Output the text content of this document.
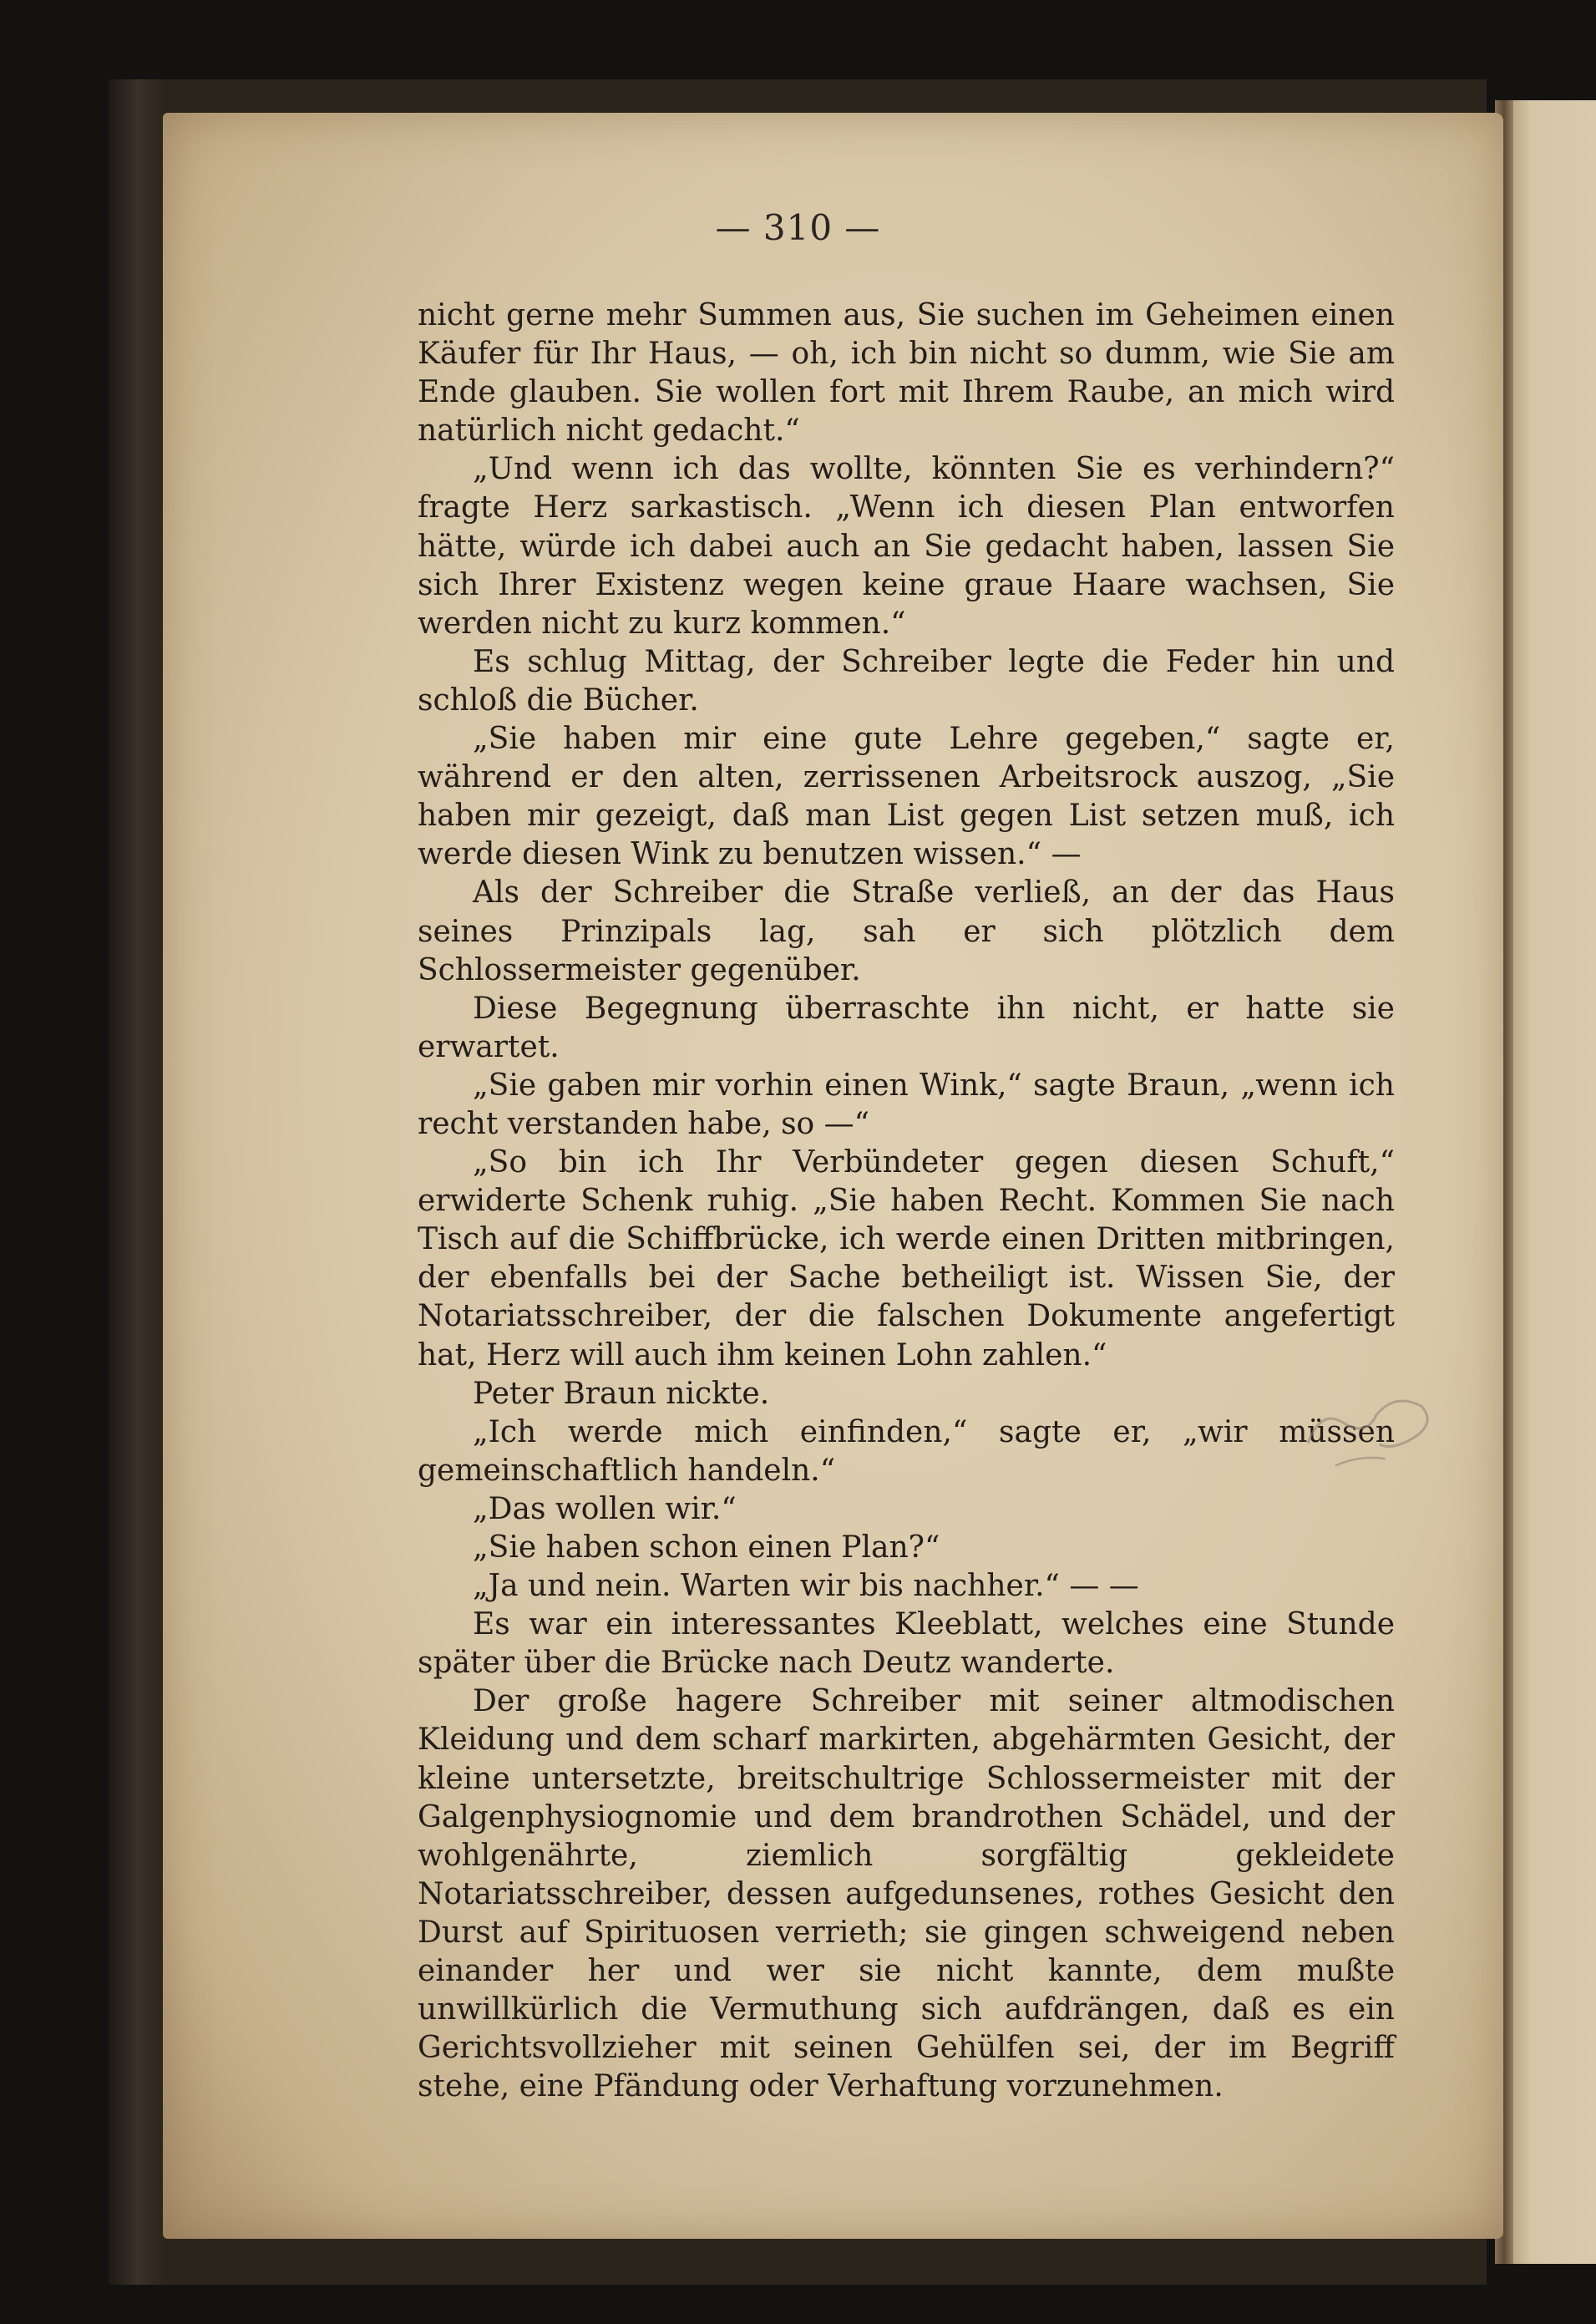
— 310 —

nicht gerne mehr Summen aus, Sie suchen im Geheimen einen Käufer für Ihr Haus, — oh, ich bin nicht so dumm, wie Sie am Ende glauben. Sie wollen fort mit Ihrem Raube, an mich wird natürlich nicht gedacht.“

„Und wenn ich das wollte, könnten Sie es verhindern?“ fragte Herz sarkastisch. „Wenn ich diesen Plan entworfen hätte, würde ich dabei auch an Sie gedacht haben, lassen Sie sich Ihrer Existenz wegen keine graue Haare wachsen, Sie werden nicht zu kurz kommen.“

Es schlug Mittag, der Schreiber legte die Feder hin und schloß die Bücher.

„Sie haben mir eine gute Lehre gegeben,“ sagte er, während er den alten, zerrissenen Arbeitsrock auszog, „Sie haben mir gezeigt, daß man List gegen List setzen muß, ich werde diesen Wink zu benutzen wissen.“ —

Als der Schreiber die Straße verließ, an der das Haus seines Prinzipals lag, sah er sich plötzlich dem Schlossermeister gegenüber.

Diese Begegnung überraschte ihn nicht, er hatte sie erwartet.

„Sie gaben mir vorhin einen Wink,“ sagte Braun, „wenn ich recht verstanden habe, so —“

„So bin ich Ihr Verbündeter gegen diesen Schuft,“ erwiderte Schenk ruhig. „Sie haben Recht. Kommen Sie nach Tisch auf die Schiffbrücke, ich werde einen Dritten mitbringen, der ebenfalls bei der Sache betheiligt ist. Wissen Sie, der Notariatsschreiber, der die falschen Dokumente angefertigt hat, Herz will auch ihm keinen Lohn zahlen.“

Peter Braun nickte.

„Ich werde mich einfinden,“ sagte er, „wir müssen gemeinschaftlich handeln.“

„Das wollen wir.“

„Sie haben schon einen Plan?“

„Ja und nein. Warten wir bis nachher.“ — —

Es war ein interessantes Kleeblatt, welches eine Stunde später über die Brücke nach Deutz wanderte.

Der große hagere Schreiber mit seiner altmodischen Kleidung und dem scharf markirten, abgehärmten Gesicht, der kleine untersetzte, breitschultrige Schlossermeister mit der Galgenphysiognomie und dem brandrothen Schädel, und der wohlgenährte, ziemlich sorgfältig gekleidete Notariatsschreiber, dessen aufgedunsenes, rothes Gesicht den Durst auf Spirituosen verrieth; sie gingen schweigend neben einander her und wer sie nicht kannte, dem mußte unwillkürlich die Vermuthung sich aufdrängen, daß es ein Gerichtsvollzieher mit seinen Gehülfen sei, der im Begriff stehe, eine Pfändung oder Verhaftung vorzunehmen.
